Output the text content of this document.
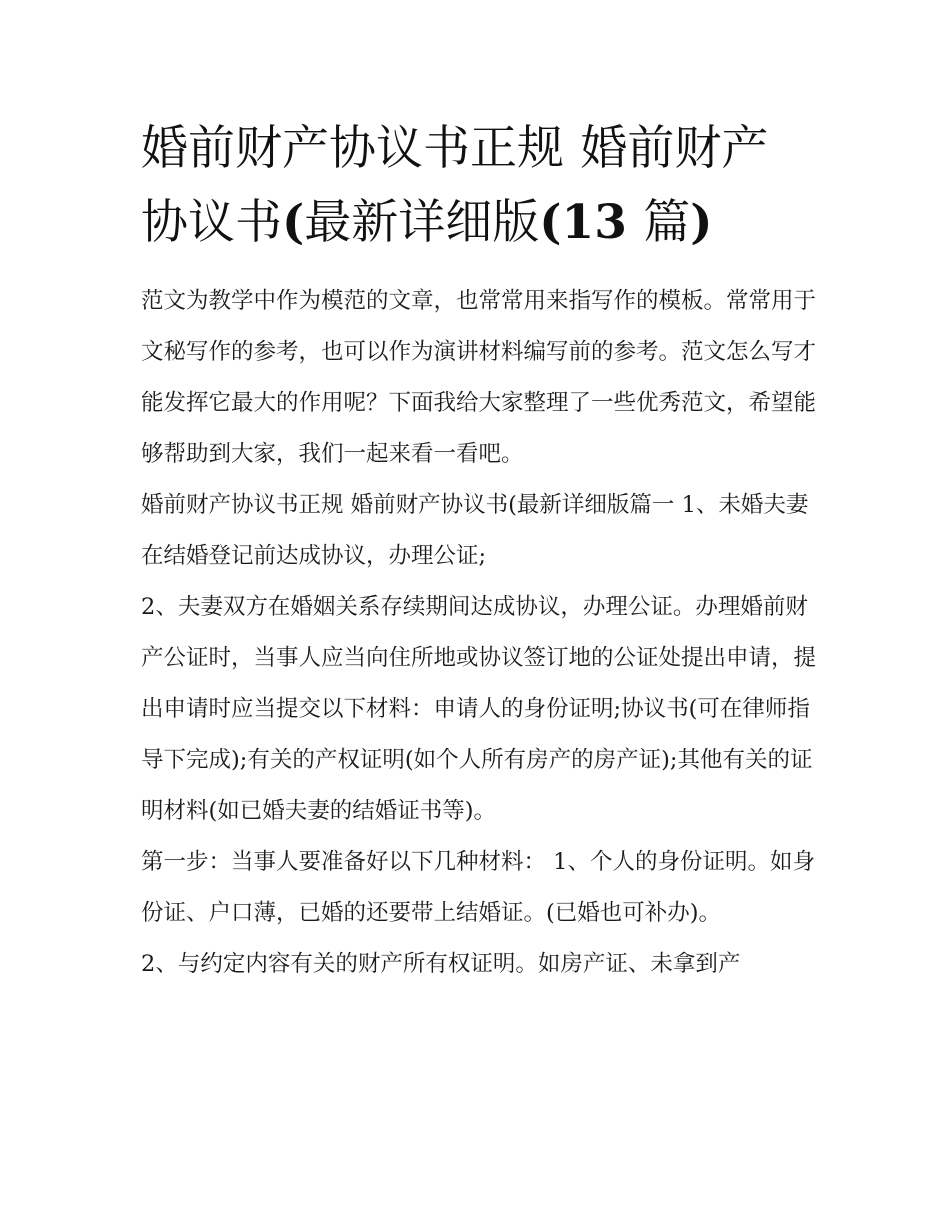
婚前财产协议书正规 婚前财产
协议书(最新详细版(13 篇)

范文为教学中作为模范的文章，也常常用来指写作的模板。常常用于文秘写作的参考，也可以作为演讲材料编写前的参考。范文怎么写才能发挥它最大的作用呢？下面我给大家整理了一些优秀范文，希望能够帮助到大家，我们一起来看一看吧。

婚前财产协议书正规 婚前财产协议书(最新详细版篇一 1、未婚夫妻在结婚登记前达成协议，办理公证;

2、夫妻双方在婚姻关系存续期间达成协议，办理公证。办理婚前财产公证时，当事人应当向住所地或协议签订地的公证处提出申请，提出申请时应当提交以下材料：申请人的身份证明;协议书(可在律师指导下完成);有关的产权证明(如个人所有房产的房产证);其他有关的证明材料(如已婚夫妻的结婚证书等)。

第一步：当事人要准备好以下几种材料： 1、个人的身份证明。如身份证、户口薄，已婚的还要带上结婚证。(已婚也可补办)。

2、与约定内容有关的财产所有权证明。如房产证、未拿到产
